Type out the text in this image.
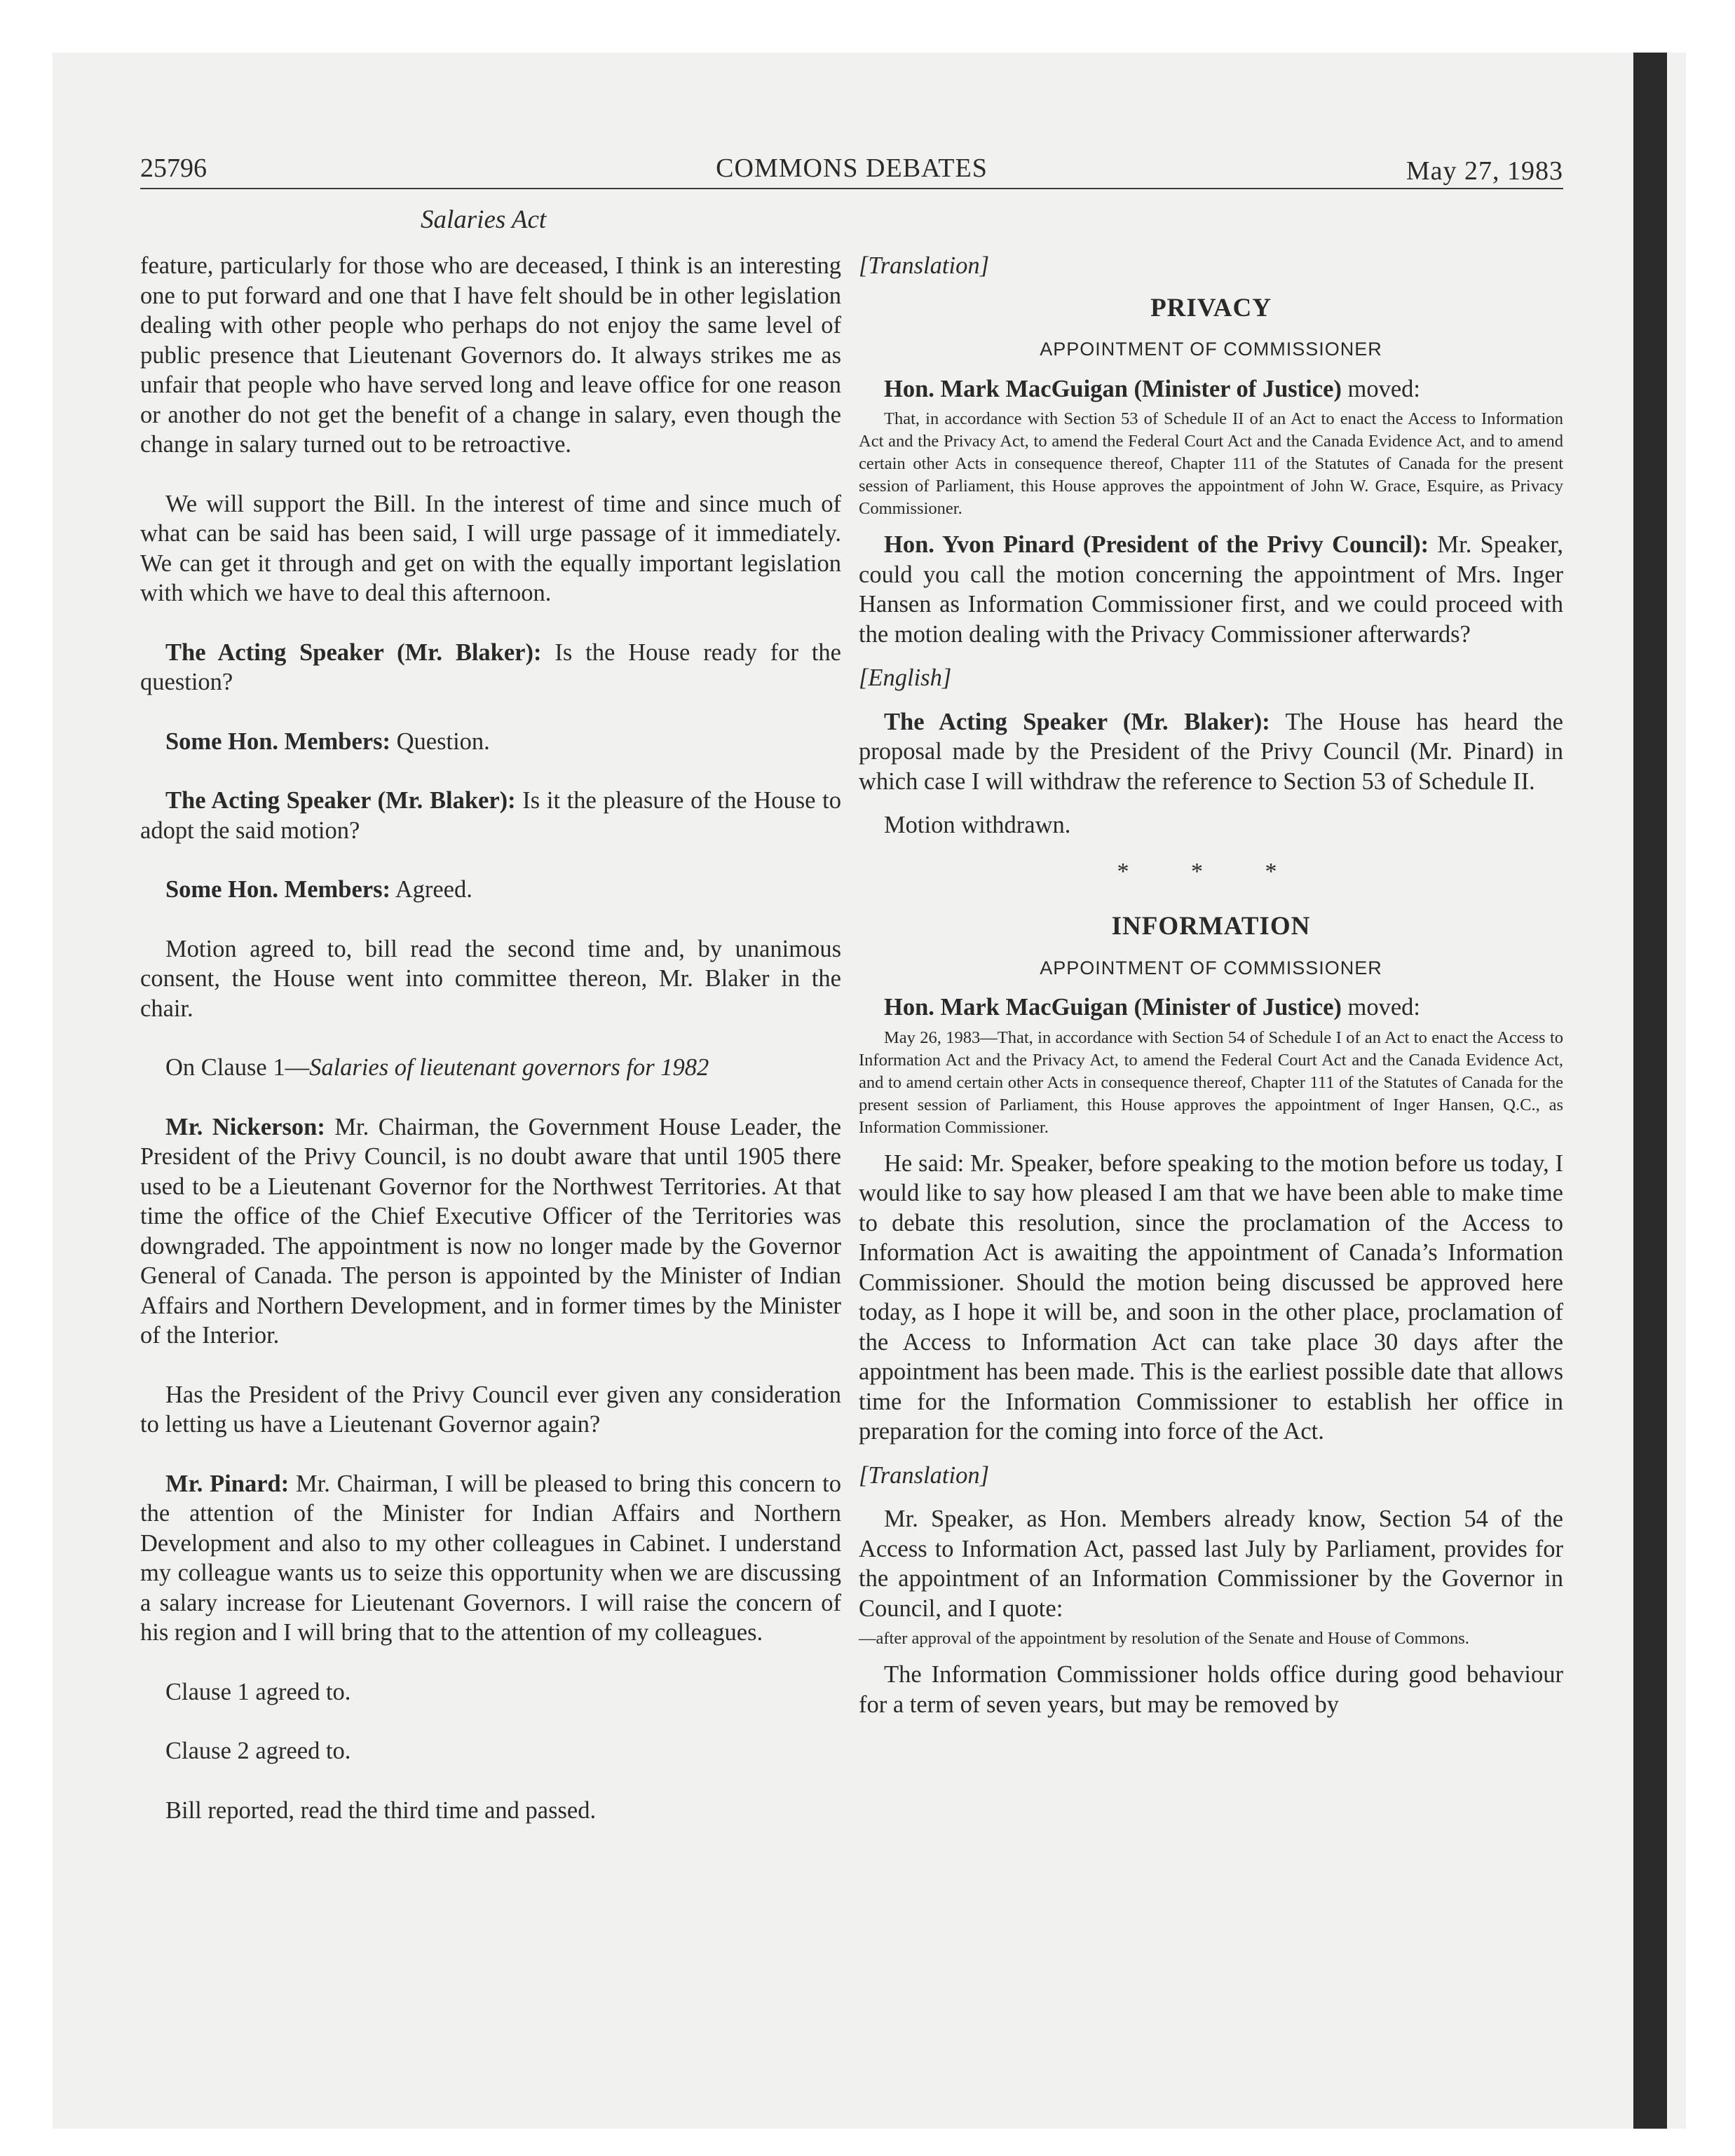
25796	COMMONS DEBATES	May 27, 1983
Salaries Act

feature, particularly for those who are deceased, I think is an interesting one to put forward and one that I have felt should be in other legislation dealing with other people who perhaps do not enjoy the same level of public presence that Lieutenant Governors do. It always strikes me as unfair that people who have served long and leave office for one reason or another do not get the benefit of a change in salary, even though the change in salary turned out to be retroactive.

We will support the Bill. In the interest of time and since much of what can be said has been said, I will urge passage of it immediately. We can get it through and get on with the equally important legislation with which we have to deal this afternoon.

The Acting Speaker (Mr. Blaker): Is the House ready for the question?

Some Hon. Members: Question.

The Acting Speaker (Mr. Blaker): Is it the pleasure of the House to adopt the said motion?

Some Hon. Members: Agreed.

Motion agreed to, bill read the second time and, by unanimous consent, the House went into committee thereon, Mr. Blaker in the chair.

On Clause 1—Salaries of lieutenant governors for 1982

Mr. Nickerson: Mr. Chairman, the Government House Leader, the President of the Privy Council, is no doubt aware that until 1905 there used to be a Lieutenant Governor for the Northwest Territories. At that time the office of the Chief Executive Officer of the Territories was downgraded. The appointment is now no longer made by the Governor General of Canada. The person is appointed by the Minister of Indian Affairs and Northern Development, and in former times by the Minister of the Interior.

Has the President of the Privy Council ever given any consideration to letting us have a Lieutenant Governor again?

Mr. Pinard: Mr. Chairman, I will be pleased to bring this concern to the attention of the Minister for Indian Affairs and Northern Development and also to my other colleagues in Cabinet. I understand my colleague wants us to seize this opportunity when we are discussing a salary increase for Lieutenant Governors. I will raise the concern of his region and I will bring that to the attention of my colleagues.

Clause 1 agreed to.

Clause 2 agreed to.

Bill reported, read the third time and passed.

[Translation]

PRIVACY
APPOINTMENT OF COMMISSIONER

Hon. Mark MacGuigan (Minister of Justice) moved:

That, in accordance with Section 53 of Schedule II of an Act to enact the Access to Information Act and the Privacy Act, to amend the Federal Court Act and the Canada Evidence Act, and to amend certain other Acts in consequence thereof, Chapter 111 of the Statutes of Canada for the present session of Parliament, this House approves the appointment of John W. Grace, Esquire, as Privacy Commissioner.

Hon. Yvon Pinard (President of the Privy Council): Mr. Speaker, could you call the motion concerning the appointment of Mrs. Inger Hansen as Information Commissioner first, and we could proceed with the motion dealing with the Privacy Commissioner afterwards?

[English]

The Acting Speaker (Mr. Blaker): The House has heard the proposal made by the President of the Privy Council (Mr. Pinard) in which case I will withdraw the reference to Section 53 of Schedule II.

Motion withdrawn.

* * *
INFORMATION
APPOINTMENT OF COMMISSIONER

Hon. Mark MacGuigan (Minister of Justice) moved:

May 26, 1983—That, in accordance with Section 54 of Schedule I of an Act to enact the Access to Information Act and the Privacy Act, to amend the Federal Court Act and the Canada Evidence Act, and to amend certain other Acts in consequence thereof, Chapter 111 of the Statutes of Canada for the present session of Parliament, this House approves the appointment of Inger Hansen, Q.C., as Information Commissioner.

He said: Mr. Speaker, before speaking to the motion before us today, I would like to say how pleased I am that we have been able to make time to debate this resolution, since the proclamation of the Access to Information Act is awaiting the appointment of Canada’s Information Commissioner. Should the motion being discussed be approved here today, as I hope it will be, and soon in the other place, proclamation of the Access to Information Act can take place 30 days after the appointment has been made. This is the earliest possible date that allows time for the Information Commissioner to establish her office in preparation for the coming into force of the Act.

[Translation]

Mr. Speaker, as Hon. Members already know, Section 54 of the Access to Information Act, passed last July by Parliament, provides for the appointment of an Information Commissioner by the Governor in Council, and I quote:

—after approval of the appointment by resolution of the Senate and House of Commons.

The Information Commissioner holds office during good behaviour for a term of seven years, but may be removed by
